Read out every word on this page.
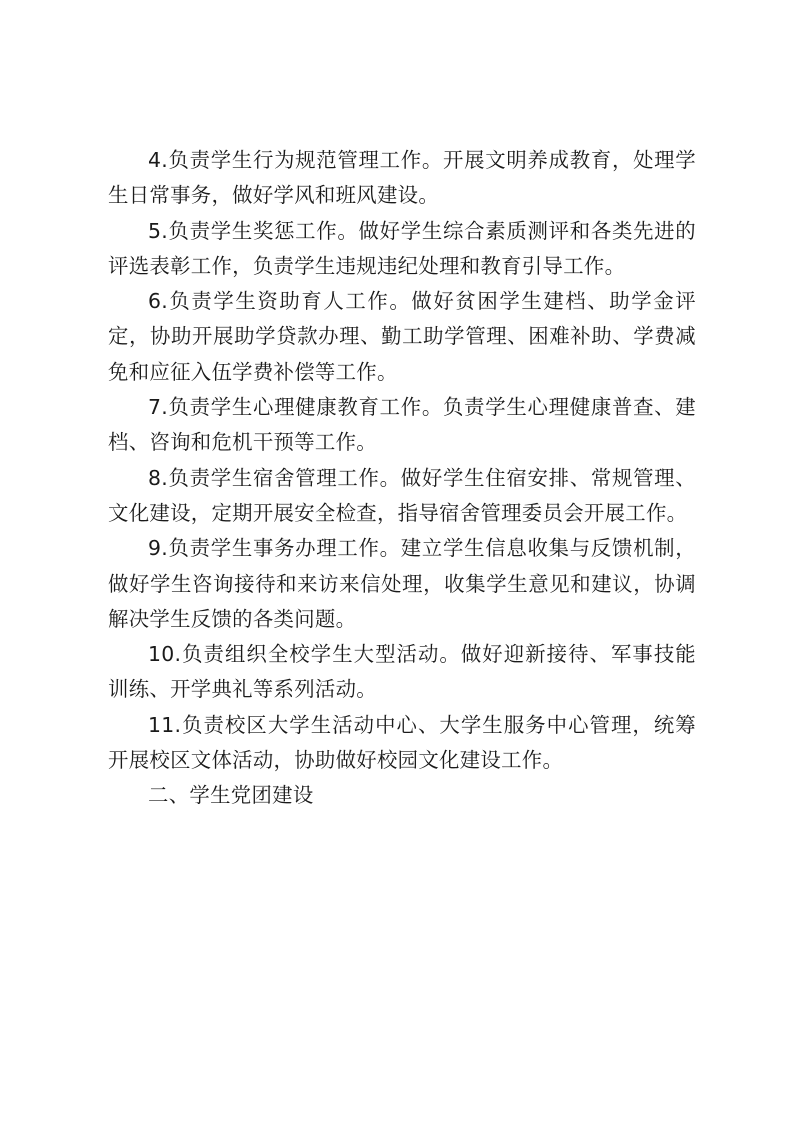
4.负责学生行为规范管理工作。开展文明养成教育，处理学生日常事务，做好学风和班风建设。

5.负责学生奖惩工作。做好学生综合素质测评和各类先进的评选表彰工作，负责学生违规违纪处理和教育引导工作。

6.负责学生资助育人工作。做好贫困学生建档、助学金评定，协助开展助学贷款办理、勤工助学管理、困难补助、学费减免和应征入伍学费补偿等工作。

7.负责学生心理健康教育工作。负责学生心理健康普查、建档、咨询和危机干预等工作。

8.负责学生宿舍管理工作。做好学生住宿安排、常规管理、文化建设，定期开展安全检查，指导宿舍管理委员会开展工作。

9.负责学生事务办理工作。建立学生信息收集与反馈机制，做好学生咨询接待和来访来信处理，收集学生意见和建议，协调解决学生反馈的各类问题。

10.负责组织全校学生大型活动。做好迎新接待、军事技能训练、开学典礼等系列活动。

11.负责校区大学生活动中心、大学生服务中心管理，统筹开展校区文体活动，协助做好校园文化建设工作。

二、学生党团建设
